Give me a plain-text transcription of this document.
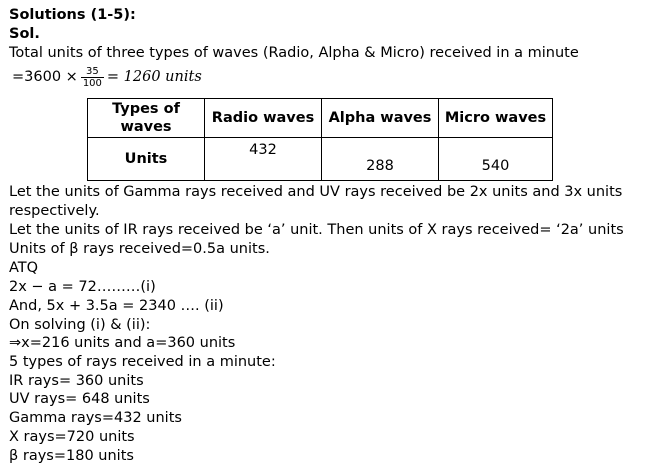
Solutions (1-5):
Sol.
Total units of three types of waves (Radio, Alpha & Micro) received in a minute
$=3600 \times \frac{35}{100} = 1260$ units
Types of waves	Radio waves	Alpha waves	Micro waves
Units	432	288	540
Let the units of Gamma rays received and UV rays received be 2x units and 3x units
respectively.
Let the units of IR rays received be ‘a’ unit. Then units of X rays received= ‘2a’ units
Units of β rays received=0.5a units.
ATQ
2x − a = 72………(i)
And, 5x + 3.5a = 2340 …. (ii)
On solving (i) & (ii):
⇒x=216 units and a=360 units
5 types of rays received in a minute:
IR rays= 360 units
UV rays= 648 units
Gamma rays=432 units
X rays=720 units
β rays=180 units
